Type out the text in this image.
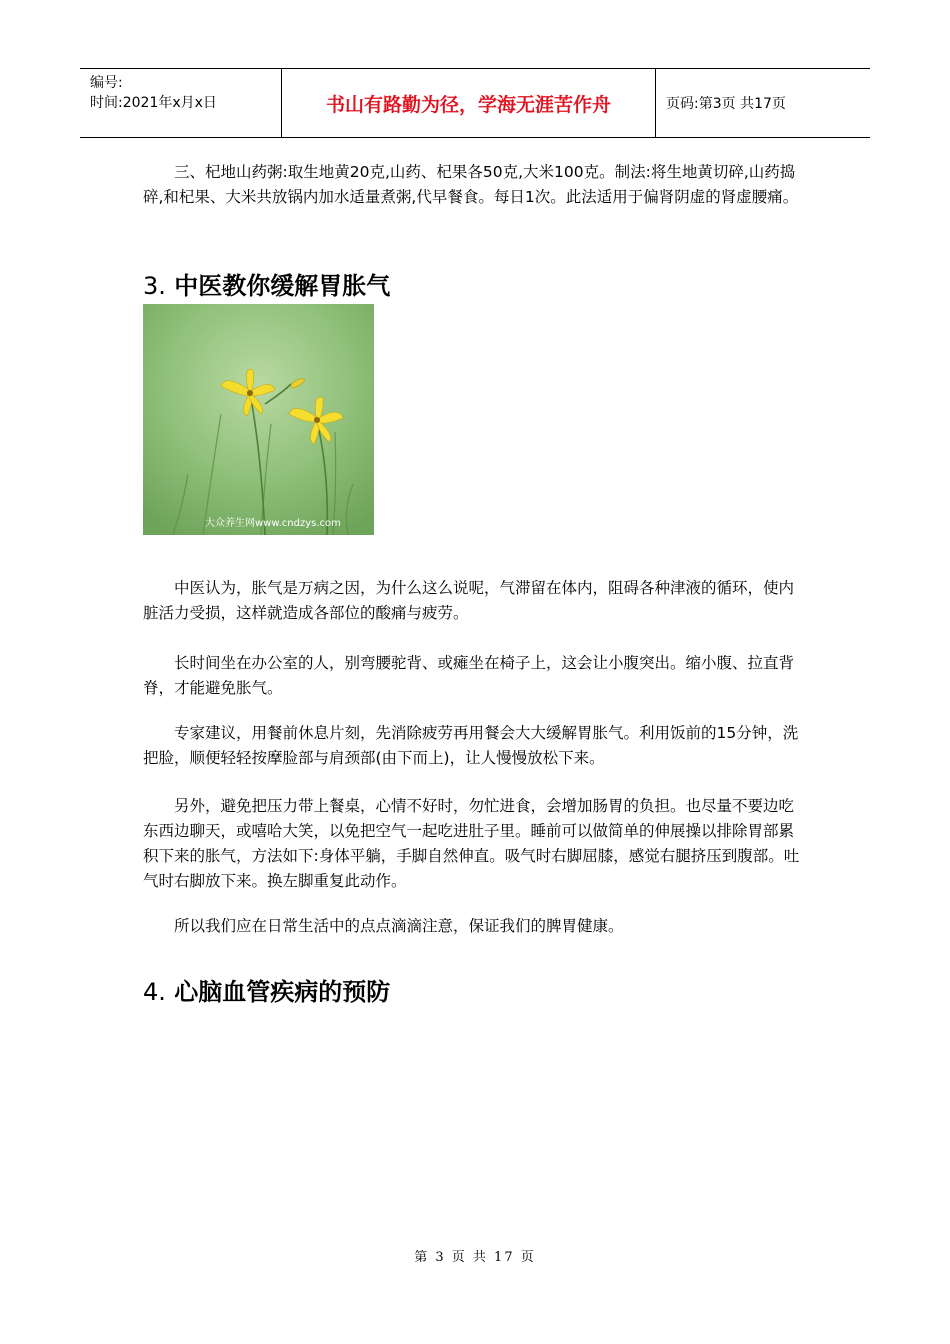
编号:
时间:2021年x月x日	书山有路勤为径，学海无涯苦作舟	页码:第3页 共17页
三、杞地山药粥:取生地黄20克,山药、杞果各50克,大米100克。制法:将生地黄切碎,山药捣碎,和杞果、大米共放锅内加水适量煮粥,代早餐食。每日1次。此法适用于偏肾阴虚的肾虚腰痛。
3. 中医教你缓解胃胀气
大众养生网www.cndzys.com
中医认为，胀气是万病之因，为什么这么说呢，气滞留在体内，阻碍各种津液的循环，使内脏活力受损，这样就造成各部位的酸痛与疲劳。
长时间坐在办公室的人，别弯腰驼背、或瘫坐在椅子上，这会让小腹突出。缩小腹、拉直背脊，才能避免胀气。
专家建议，用餐前休息片刻，先消除疲劳再用餐会大大缓解胃胀气。利用饭前的15分钟，洗把脸，顺便轻轻按摩脸部与肩颈部(由下而上)，让人慢慢放松下来。
另外，避免把压力带上餐桌，心情不好时，勿忙进食，会增加肠胃的负担。也尽量不要边吃东西边聊天，或嘻哈大笑，以免把空气一起吃进肚子里。睡前可以做简单的伸展操以排除胃部累积下来的胀气，方法如下:身体平躺，手脚自然伸直。吸气时右脚屈膝，感觉右腿挤压到腹部。吐气时右脚放下来。换左脚重复此动作。
所以我们应在日常生活中的点点滴滴注意，保证我们的脾胃健康。
4. 心脑血管疾病的预防
第 3 页 共 17 页
